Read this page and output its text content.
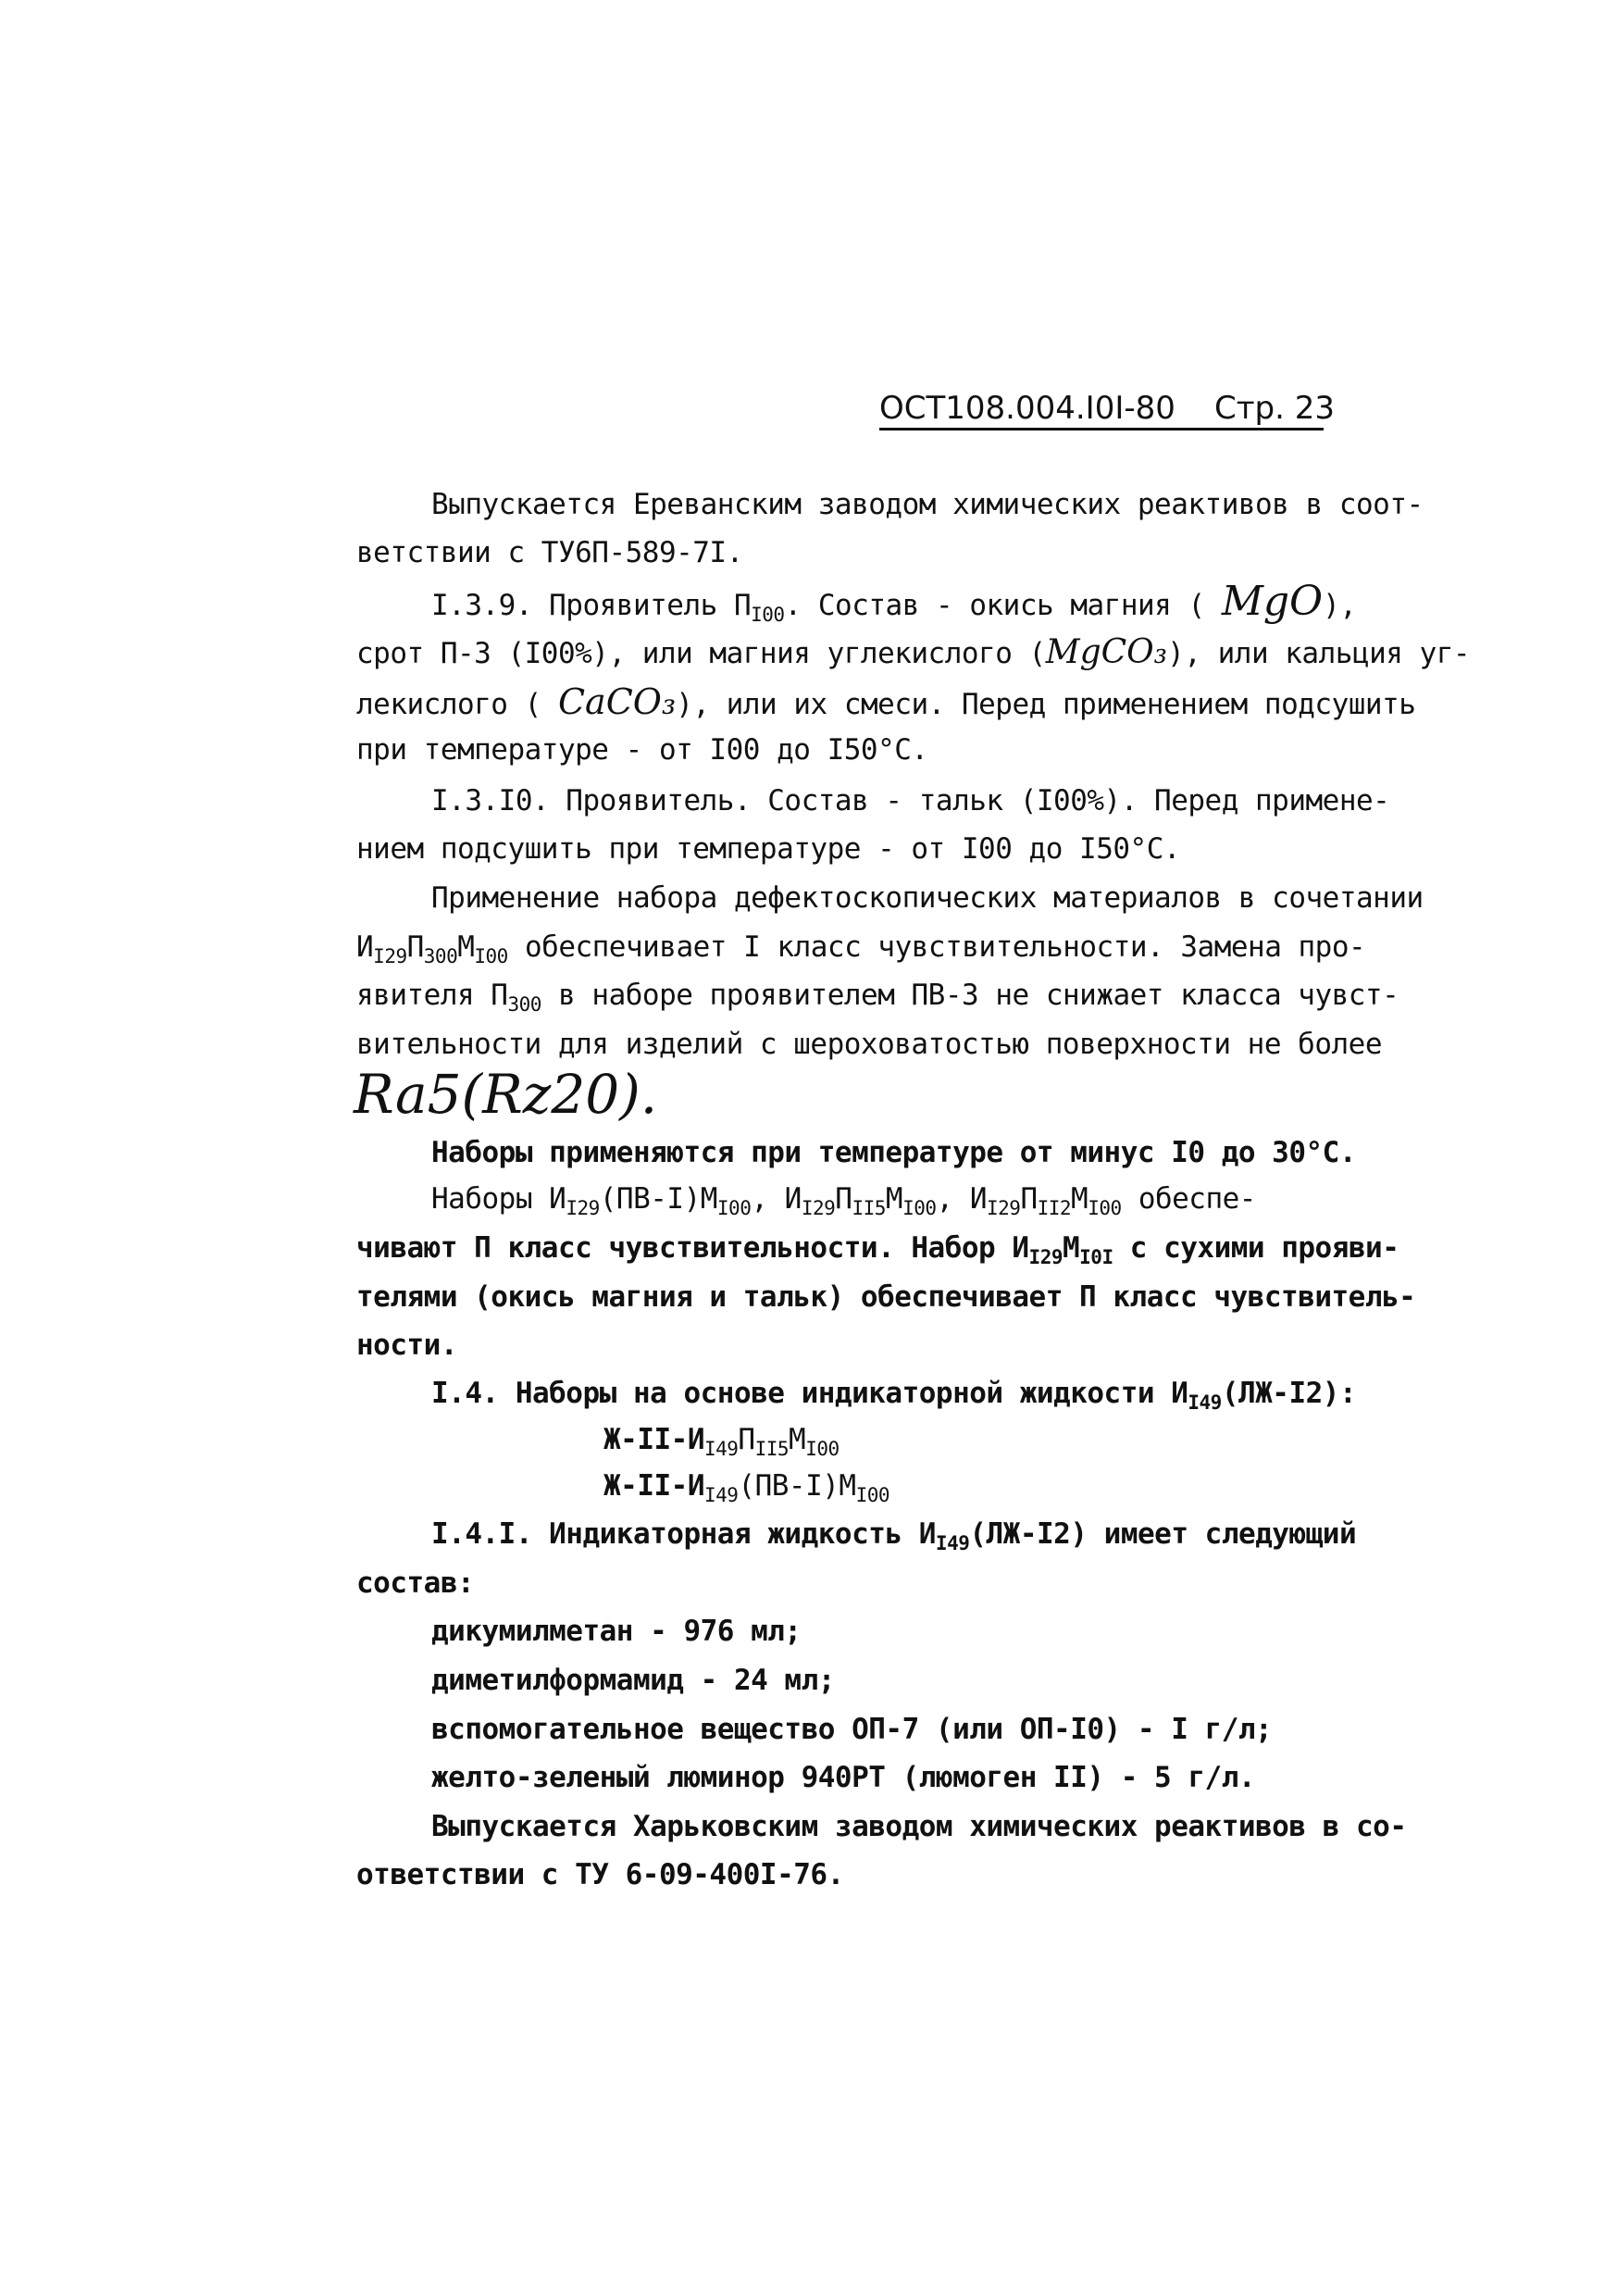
ОСТ108.004.I0I-80 Стр. 23
Выпускается Ереванским заводом химических реактивов в соот-
ветствии с ТУ6П-589-7I.
I.3.9. Проявитель $П_{I00}$. Состав - окись магния ( MgO),
срот П-3 (I00%), или магния углекислого (MgCO₃), или кальция уг-
лекислого ( CaCO₃), или их смеси. Перед применением подсушить
при температуре - от I00 до I50°C.
I.3.I0. Проявитель. Состав - тальк (I00%). Перед примене-
нием подсушить при температуре - от I00 до I50°C.
Применение набора дефектоскопических материалов в сочетании
$И_{I29}П_{300}М_{I00}$ обеспечивает I класс чувствительности. Замена про-
явителя $П_{300}$ в наборе проявителем ПВ-3 не снижает класса чувст-
вительности для изделий с шероховатостью поверхности не более
Ra5(Rz20).
Наборы применяются при температуре от минус I0 до 30°C.
Наборы $И_{I29}(ПВ-I)М_{I00}$, $И_{I29}П_{II5}М_{I00}$, $И_{I29}П_{II2}М_{I00}$ обеспе-
чивают П класс чувствительности. Набор $И_{I29}М_{I0I}$ с сухими прояви-
телями (окись магния и тальк) обеспечивает П класс чувствитель-
ности.
I.4. Наборы на основе индикаторной жидкости $И_{I49}(ЛЖ-I2)$:
$Ж-II-И_{I49}П_{II5}М_{I00}$
$Ж-II-И_{I49}(ПВ-I)М_{I00}$
I.4.I. Индикаторная жидкость $И_{I49}(ЛЖ-I2)$ имеет следующий
состав:
дикумилметан - 976 мл;
диметилформамид - 24 мл;
вспомогательное вещество ОП-7 (или ОП-I0) - I г/л;
желто-зеленый люминор 940РТ (люмоген II) - 5 г/л.
Выпускается Харьковским заводом химических реактивов в со-
ответствии с ТУ 6-09-400I-76.
